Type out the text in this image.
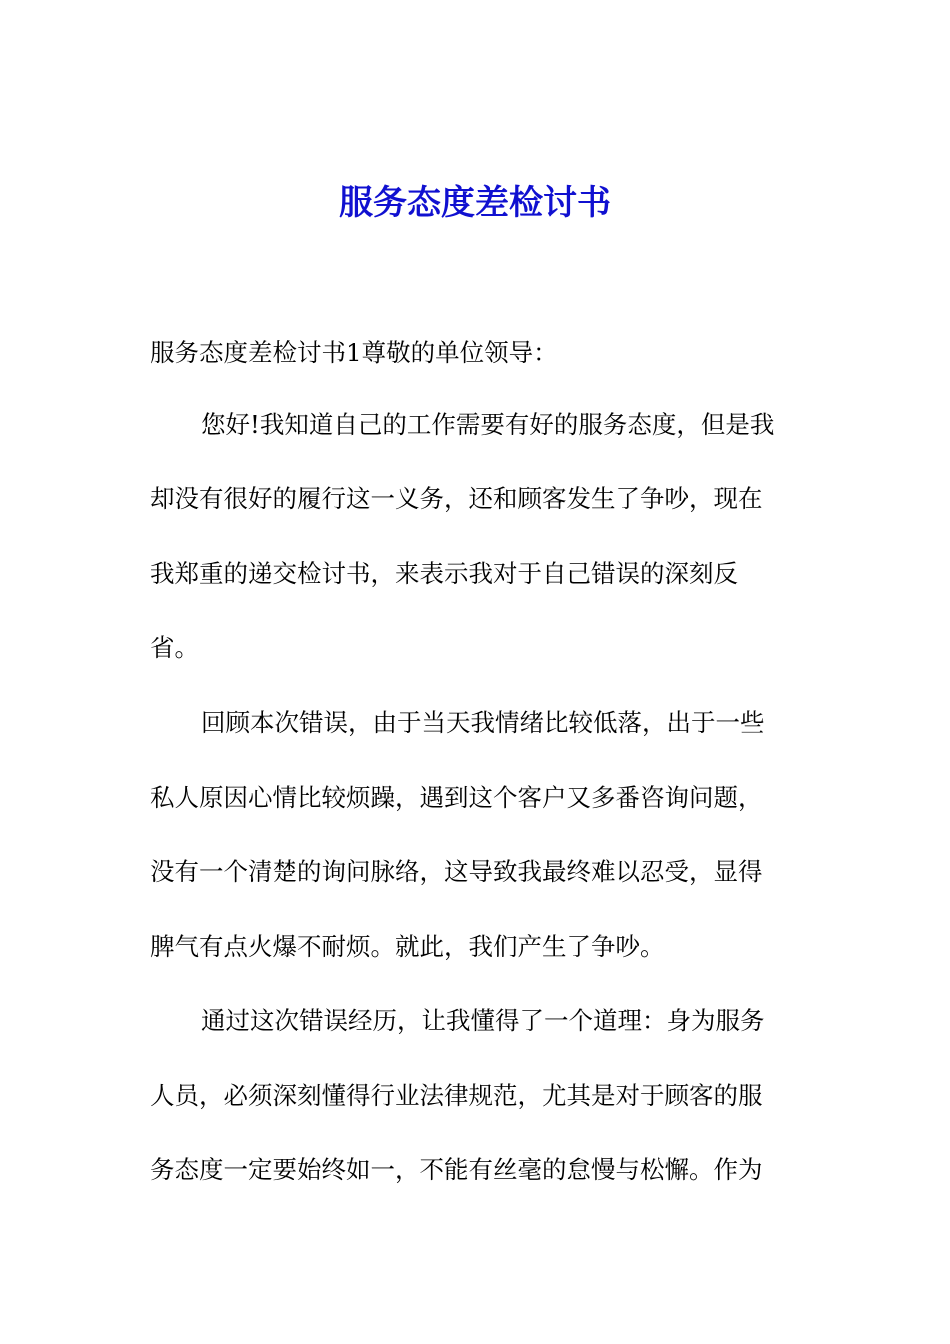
服务态度差检讨书

服务态度差检讨书1尊敬的单位领导：

您好!我知道自己的工作需要有好的服务态度，但是我

却没有很好的履行这一义务，还和顾客发生了争吵，现在

我郑重的递交检讨书，来表示我对于自己错误的深刻反

省。

回顾本次错误，由于当天我情绪比较低落，出于一些

私人原因心情比较烦躁，遇到这个客户又多番咨询问题，

没有一个清楚的询问脉络，这导致我最终难以忍受，显得

脾气有点火爆不耐烦。就此，我们产生了争吵。

通过这次错误经历，让我懂得了一个道理：身为服务

人员，必须深刻懂得行业法律规范，尤其是对于顾客的服

务态度一定要始终如一，不能有丝毫的怠慢与松懈。作为
